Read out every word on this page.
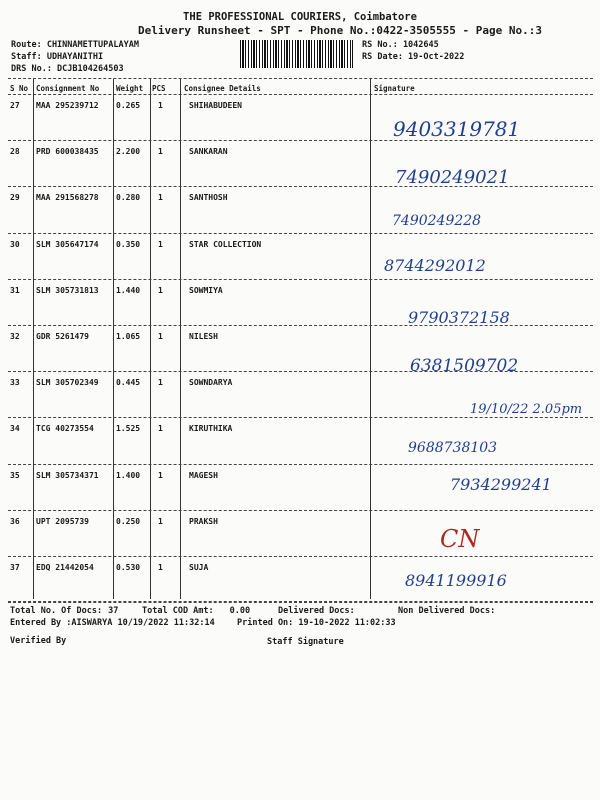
THE PROFESSIONAL COURIERS, Coimbatore
Delivery Runsheet - SPT - Phone No.:0422-3505555 - Page No.:3
Route: CHINNAMETTUPALAYAM
Staff: UDHAYANITHI
DRS No.: DCJB104264503
RS No.: 1042645
RS Date: 19-Oct-2022
S No Consignment No Weight PCS Consignee Details	Signature
27 MAA 295239712 0.265 1	SHIHABUDEEN
9403319781
28 PRD 600038435 2.200 1	SANKARAN
7490249021
29 MAA 291568278 0.280 1	SANTHOSH
7490249228
30 SLM 305647174 0.350 1	STAR COLLECTION
8744292012
31 SLM 305731813 1.440 1	SOWMIYA
9790372158
32 GDR 5261479	1.065 1	NILESH
6381509702
33 SLM 305702349 0.445 1	SOWNDARYA
19/10/22 2.05pm
34 TCG 40273554	1.525 1	KIRUTHIKA
9688738103
35 SLM 305734371 1.400 1	MAGESH	7934299241
36 UPT 2095739	0.250 1	PRAKSH
CN
37 EDQ 21442054	0.530 1	SUJA
8941199916
Total No. Of Docs: 37	Total COD Amt: 0.00	Delivered Docs:	Non Delivered Docs:
Entered By :AISWARYA 10/19/2022 11:32:14	Printed On: 19-10-2022 11:02:33
Verified By	Staff Signature
